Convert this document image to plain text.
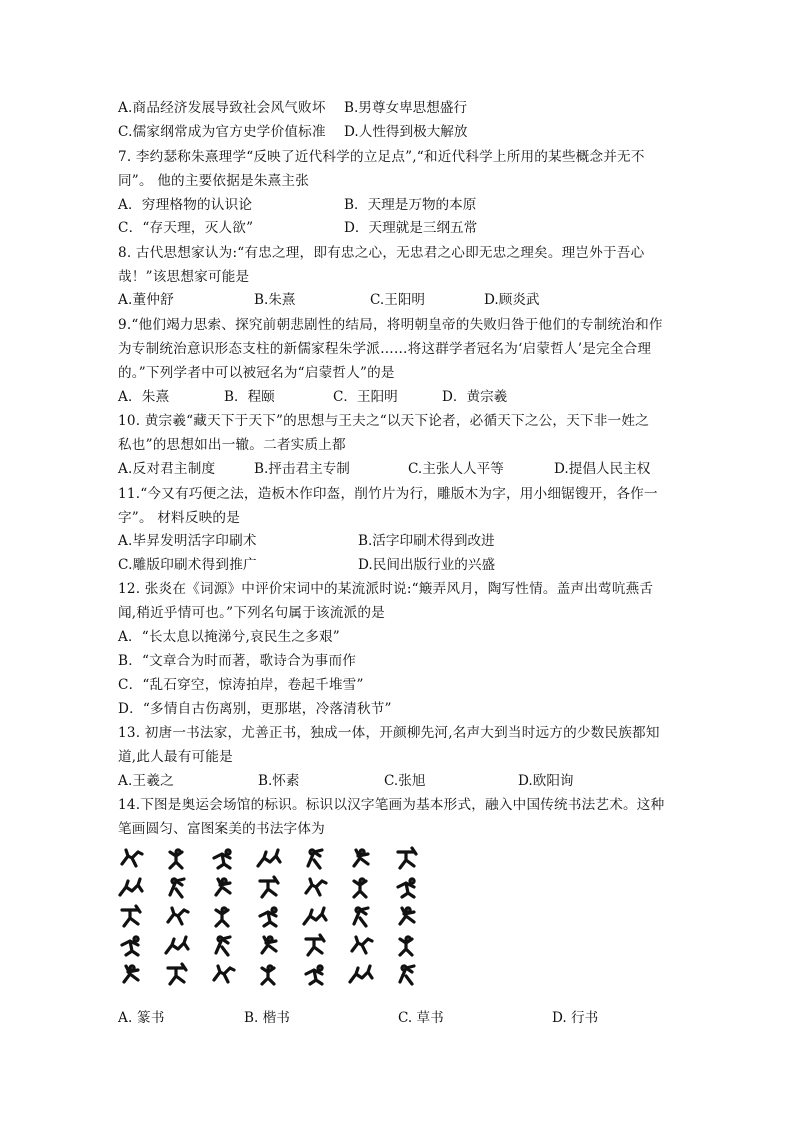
A.商品经济发展导致社会风气败坏 B.男尊女卑思想盛行
C.儒家纲常成为官方史学价值标准 D.人性得到极大解放
7. 李约瑟称朱熹理学“反映了近代科学的立足点”,“和近代科学上所用的某些概念并无不
同”。 他的主要依据是朱熹主张
A．穷理格物的认识论	B．天理是万物的本原
C．“存天理，灭人欲”	D．天理就是三纲五常
8. 古代思想家认为:“有忠之理，即有忠之心，无忠君之心即无忠之理矣。理岂外于吾心
哉！”该思想家可能是
A.董仲舒	B.朱熹	C.王阳明	D.顾炎武
9.“他们竭力思索、探究前朝悲剧性的结局，将明朝皇帝的失败归咎于他们的专制统治和作
为专制统治意识形态支柱的新儒家程朱学派……将这群学者冠名为‘启蒙哲人’是完全合理
的。”下列学者中可以被冠名为“启蒙哲人”的是
A．朱熹	B．程颐	C．王阳明	D．黄宗羲
10. 黄宗羲“藏天下于天下”的思想与王夫之“以天下论者，必循天下之公，天下非一姓之
私也”的思想如出一辙。二者实质上都
A.反对君主制度	B.抨击君主专制	C.主张人人平等	D.提倡人民主权
11.“今又有巧便之法，造板木作印盔，削竹片为行，雕版木为字，用小细锯锼开，各作一
字”。 材料反映的是
A.毕昇发明活字印刷术	B.活字印刷术得到改进
C.雕版印刷术得到推广	D.民间出版行业的兴盛
12. 张炎在《词源》中评价宋词中的某流派时说:“簸弄风月，陶写性情。盖声出莺吭燕舌
闻,稍近乎情可也。”下列名句属于该流派的是
A．“长太息以掩涕兮,哀民生之多艰”
B．“文章合为时而著，歌诗合为事而作
C．“乱石穿空，惊涛拍岸，卷起千堆雪”
D．“多情自古伤离别，更那堪，冷落清秋节”
13. 初唐一书法家，尤善正书，独成一体，开颜柳先河,名声大到当时远方的少数民族都知
道,此人最有可能是
A.王羲之	B.怀素	C.张旭	D.欧阳询
14.下图是奥运会场馆的标识。标识以汉字笔画为基本形式，融入中国传统书法艺术。这种
笔画圆匀、富图案美的书法字体为
A. 篆书	B. 楷书	C. 草书	D. 行书
